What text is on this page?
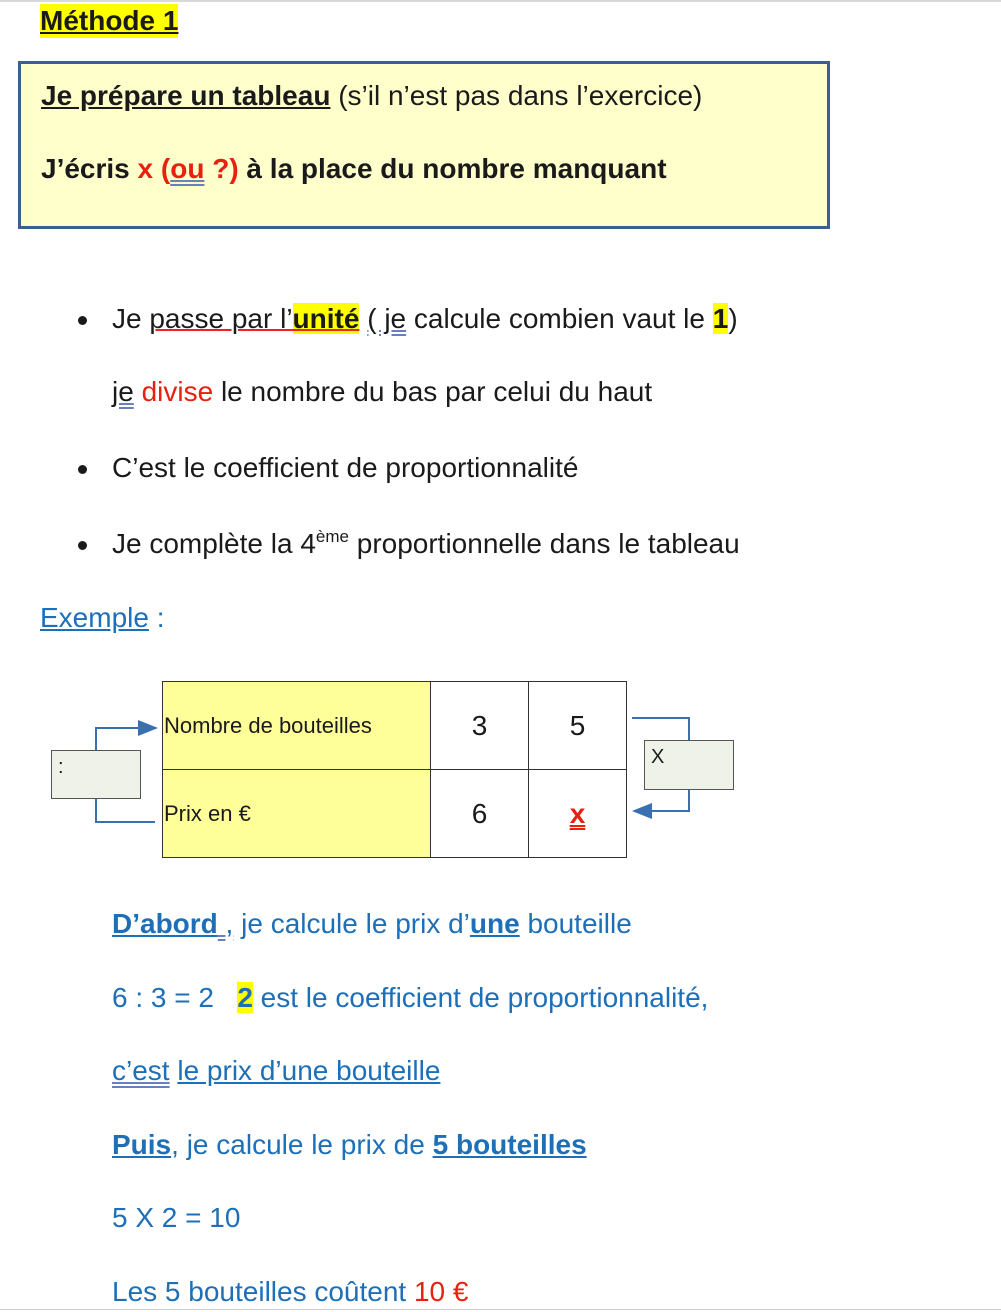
Méthode 1
Je prépare un tableau (s’il n’est pas dans l’exercice)
J’écris x (ou ?) à la place du nombre manquant
Je passe par l’unité ( je calcule combien vaut le 1)
je divise le nombre du bas par celui du haut
C’est le coefficient de proportionnalité
Je complète la 4ème proportionnelle dans le tableau
Exemple :
:	X
Nombre de bouteilles	3	5
Prix en €	6	x
D’abord , je calcule le prix d’une bouteille
6 : 3 = 2   2 est le coefficient de proportionnalité,
c’est le prix d’une bouteille
Puis, je calcule le prix de 5 bouteilles
5 X 2 = 10
Les 5 bouteilles coûtent 10 €
